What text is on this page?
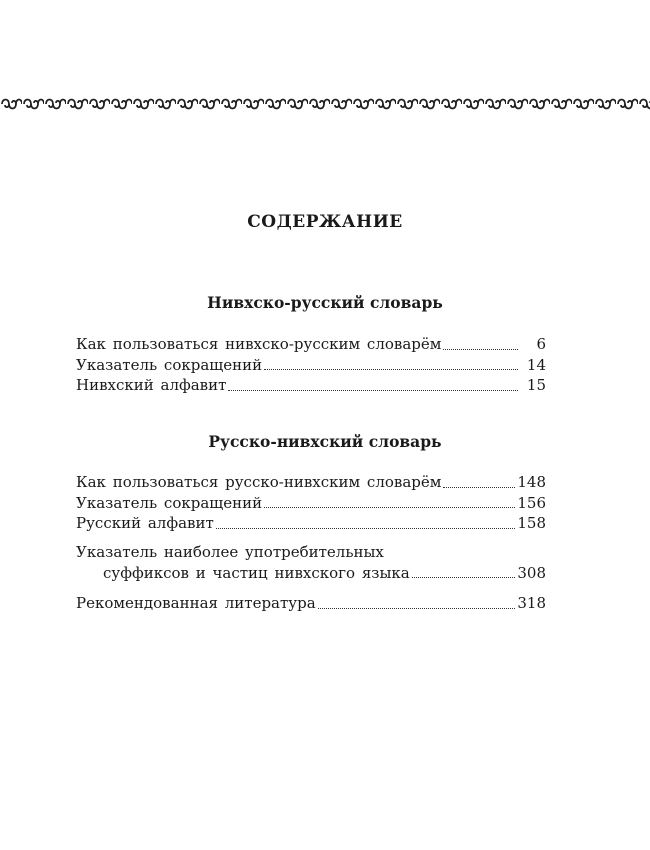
СОДЕРЖАНИЕ
Нивхско-русский словарь
Как пользоваться нивхско-русским словарём	6
Указатель сокращений	14
Нивхский алфавит	15
Русско-нивхский словарь
Как пользоваться русско-нивхским словарём	148
Указатель сокращений	156
Русский алфавит	158
Указатель наиболее употребительных
суффиксов и частиц нивхского языка	308
Рекомендованная литература	318
